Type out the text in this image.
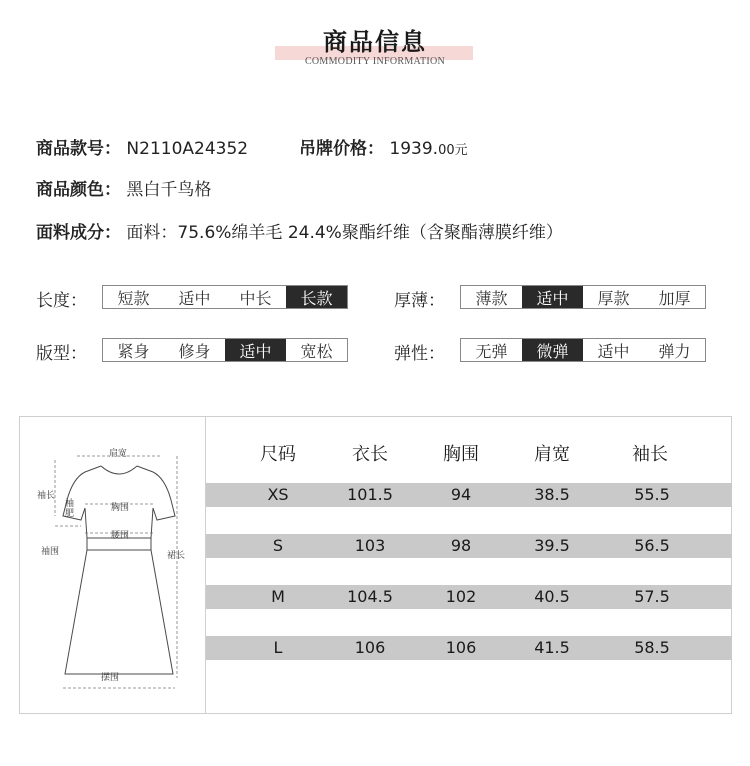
商品信息
COMMODITY INFORMATION
商品款号： N2110A24352	吊牌价格： 1939.00元
商品颜色： 黑白千鸟格
面料成分： 面料：75.6%绵羊毛 24.4%聚酯纤维（含聚酯薄膜纤维）
长度：	短款	适中	中长	长款	厚薄：	薄款	适中	厚款	加厚
版型：	紧身	修身	适中	宽松	弹性：	无弹	微弹	适中	弹力
肩宽
袖长
袖
肥
胸围
腰围
袖围	裙长
摆围
尺码	衣长	胸围	肩宽	袖长
XS	101.5	94	38.5	55.5
S	103	98	39.5	56.5
M	104.5	102	40.5	57.5
L	106	106	41.5	58.5
